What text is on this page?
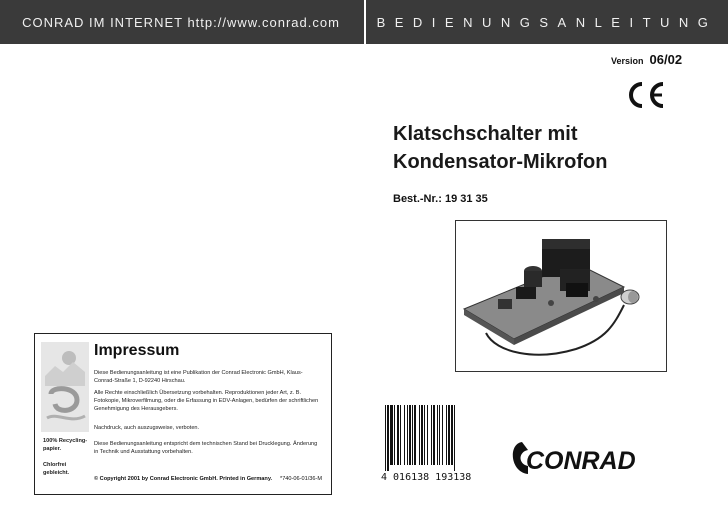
CONRAD IM INTERNET http://www.conrad.com	BEDIENUNGSANLEITUNG
Version 06/02
Klatschschalter mit
Kondensator-Mikrofon
Best.-Nr.: 19 31 35
Impressum
Diese Bedienungsanleitung ist eine Publikation der Conrad Electronic GmbH, Klaus-Conrad-Straße 1, D-92240 Hirschau.
Alle Rechte einschließlich Übersetzung vorbehalten. Reproduktionen jeder Art, z. B. Fotokopie, Mikroverfilmung, oder die Erfassung in EDV-Anlagen, bedürfen der schriftlichen Genehmigung des Herausgebers.
Nachdruck, auch auszugsweise, verboten.
Diese Bedienungsanleitung entspricht dem technischen Stand bei Drucklegung. Änderung in Technik und Ausstattung vorbehalten.
100% Recycling-papier.
Chlorfrei gebleicht.
© Copyright 2001 by Conrad Electronic GmbH. Printed in Germany. *740-06-01/36-M	4 016138 193138
CONRAD
